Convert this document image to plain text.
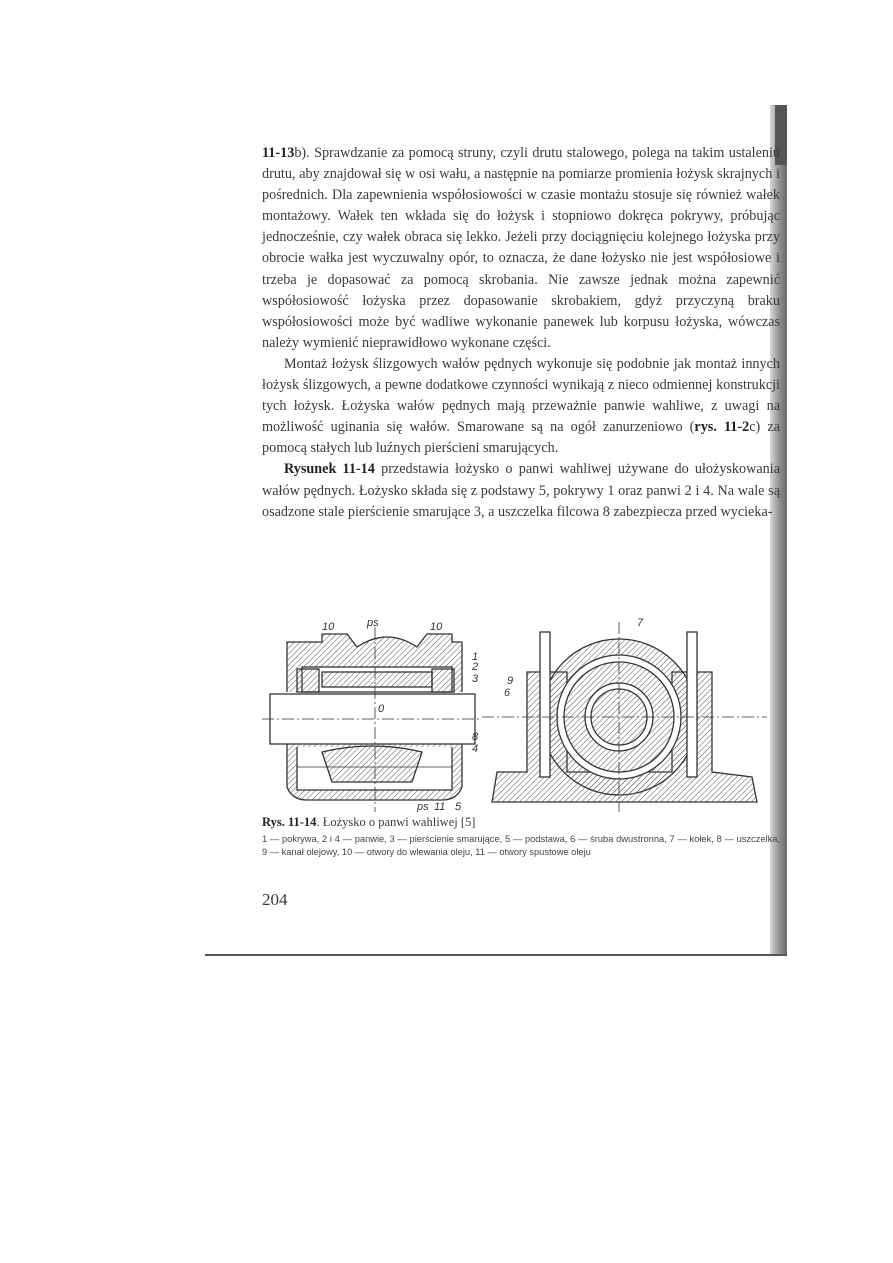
11-13b). Sprawdzanie za pomocą struny, czyli drutu stalowego, polega na takim ustaleniu drutu, aby znajdował się w osi wału, a następnie na pomiarze promienia łożysk skrajnych i pośrednich. Dla zapewnienia współosiowości w czasie montażu stosuje się również wałek montażowy. Wałek ten wkłada się do łożysk i stopniowo dokręca pokrywy, próbując jednocześnie, czy wałek obraca się lekko. Jeżeli przy dociągnięciu kolejnego łożyska przy obrocie wałka jest wyczuwalny opór, to oznacza, że dane łożysko nie jest współosiowe i trzeba je dopasować za pomocą skrobania. Nie zawsze jednak można zapewnić współosiowość łożyska przez dopasowanie skrobakiem, gdyż przyczyną braku współosiowości może być wadliwe wykonanie panewek lub korpusu łożyska, wówczas należy wymienić nieprawidłowo wykonane części.

Montaż łożysk ślizgowych wałów pędnych wykonuje się podobnie jak montaż innych łożysk ślizgowych, a pewne dodatkowe czynności wynikają z nieco odmiennej konstrukcji tych łożysk. Łożyska wałów pędnych mają przeważnie panwie wahliwe, z uwagi na możliwość uginania się wałów. Smarowane są na ogół zanurzeniowo (rys. 11-2c) za pomocą stałych lub luźnych pierścieni smarujących.

Rysunek 11-14 przedstawia łożysko o panwi wahliwej używane do ułożyskowania wałów pędnych. Łożysko składa się z podstawy 5, pokrywy 1 oraz panwi 2 i 4. Na wale są osadzone stale pierścienie smarujące 3, a uszczelka filcowa 8 zabezpiecza przed wycieka-

10	ps	10
1
2
3
0
8
4
ps 11 5
7
9
6
Rys. 11-14. Łożysko o panwi wahliwej [5]
1 — pokrywa, 2 i 4 — panwie, 3 — pierścienie smarujące, 5 — podstawa, 6 — śruba dwustronna, 7 — kołek, 8 — uszczelka, 9 — kanał olejowy, 10 — otwory do wlewania oleju, 11 — otwory spustowe oleju
204
